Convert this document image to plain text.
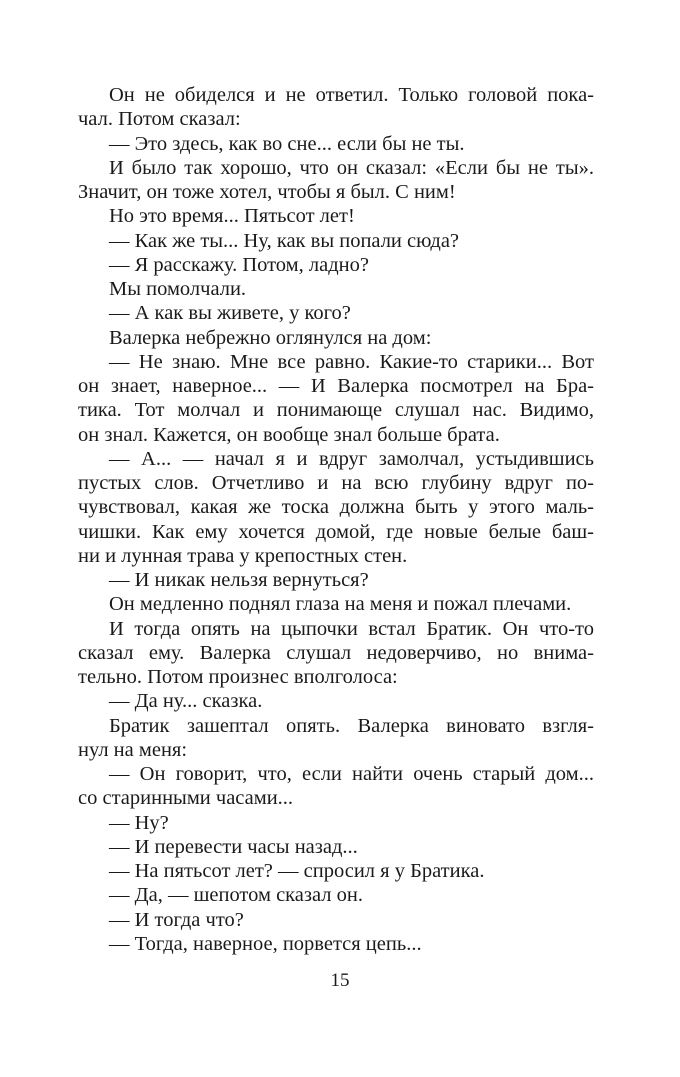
Он не обиделся и не ответил. Только головой пока-
чал. Потом сказал:
— Это здесь, как во сне... если бы не ты.
И было так хорошо, что он сказал: «Если бы не ты».
Значит, он тоже хотел, чтобы я был. С ним!
Но это время... Пятьсот лет!
— Как же ты... Ну, как вы попали сюда?
— Я расскажу. Потом, ладно?
Мы помолчали.
— А как вы живете, у кого?
Валерка небрежно оглянулся на дом:
— Не знаю. Мне все равно. Какие-то старики... Вот
он знает, наверное... — И Валерка посмотрел на Бра-
тика. Тот молчал и понимающе слушал нас. Видимо,
он знал. Кажется, он вообще знал больше брата.
— А... — начал я и вдруг замолчал, устыдившись
пустых слов. Отчетливо и на всю глубину вдруг по-
чувствовал, какая же тоска должна быть у этого маль-
чишки. Как ему хочется домой, где новые белые баш-
ни и лунная трава у крепостных стен.
— И никак нельзя вернуться?
Он медленно поднял глаза на меня и пожал плечами.
И тогда опять на цыпочки встал Братик. Он что-то
сказал ему. Валерка слушал недоверчиво, но внима-
тельно. Потом произнес вполголоса:
— Да ну... сказка.
Братик зашептал опять. Валерка виновато взгля-
нул на меня:
— Он говорит, что, если найти очень старый дом...
со старинными часами...
— Ну?
— И перевести часы назад...
— На пятьсот лет? — спросил я у Братика.
— Да, — шепотом сказал он.
— И тогда что?
— Тогда, наверное, порвется цепь...
15
